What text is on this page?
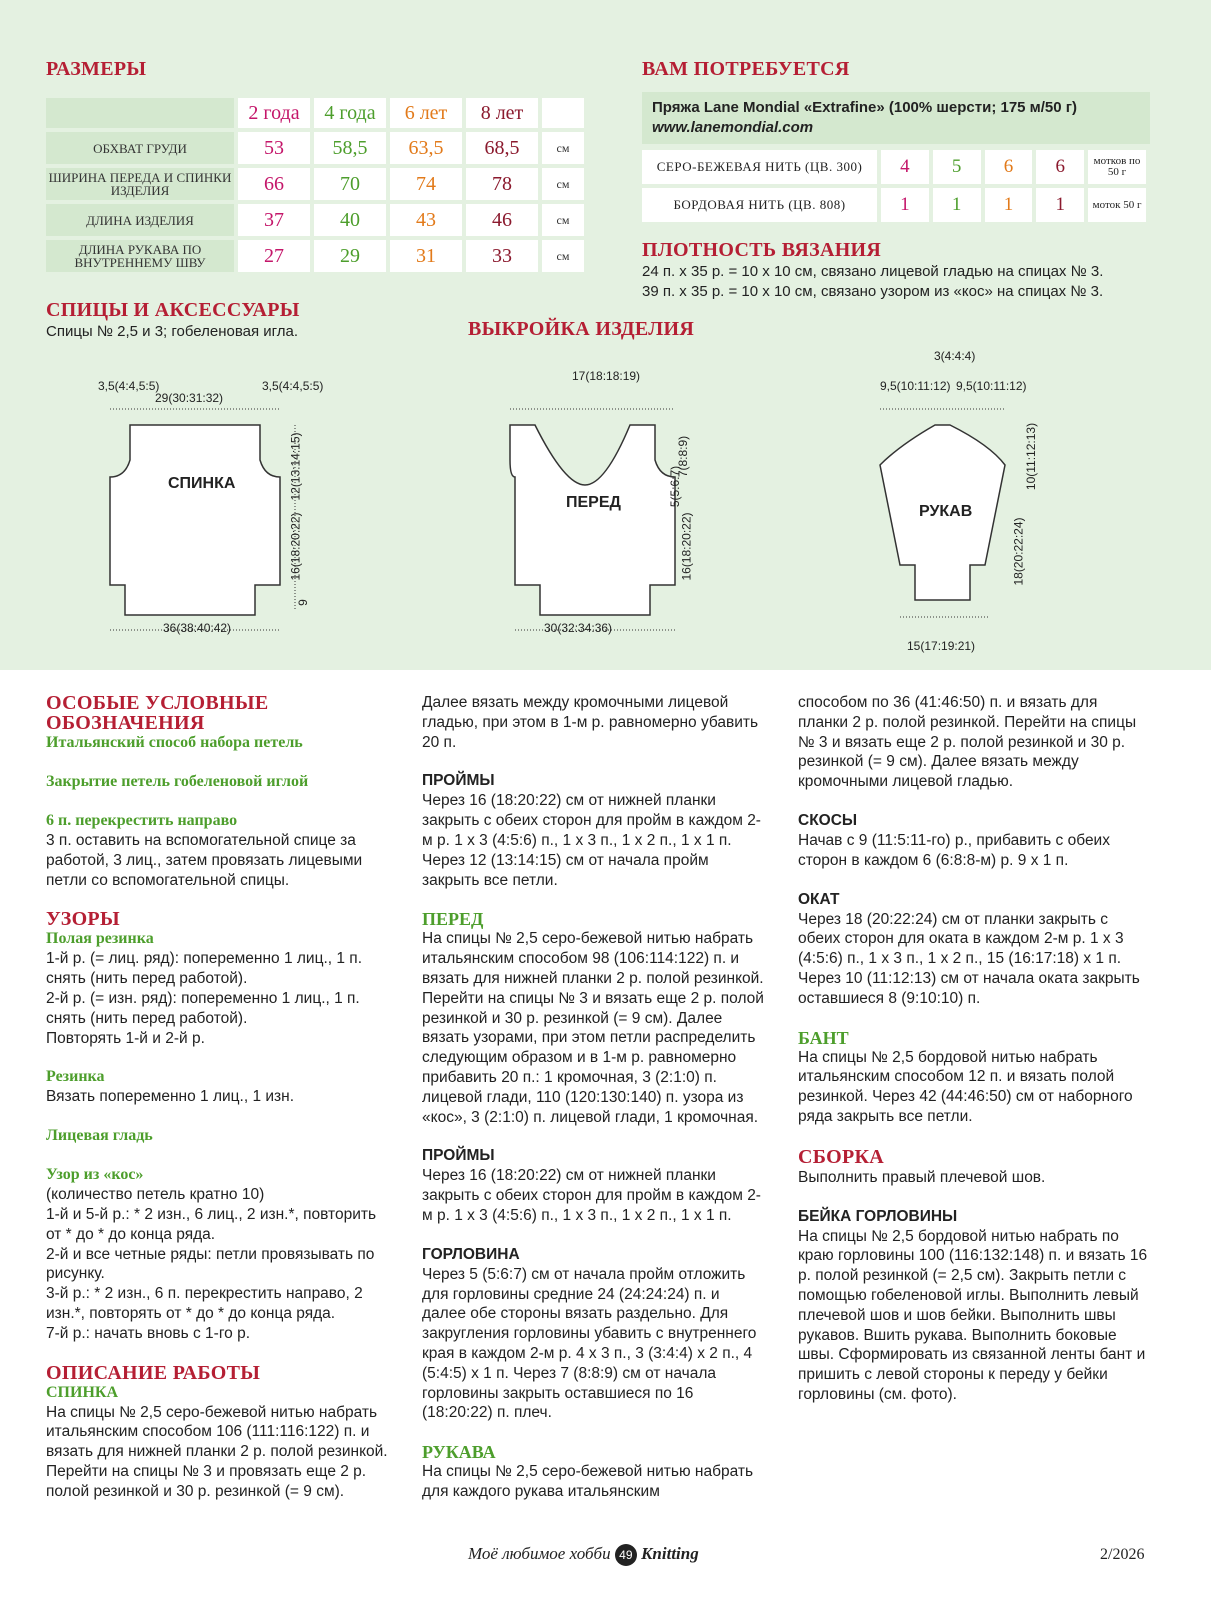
РАЗМЕРЫ
	2 года	4 года	6 лет	8 лет	
ОБХВАТ ГРУДИ	53	58,5	63,5	68,5	см
ШИРИНА ПЕРЕДА И СПИНКИ ИЗДЕЛИЯ	66	70	74	78	см
ДЛИНА ИЗДЕЛИЯ	37	40	43	46	см
ДЛИНА РУКАВА ПО ВНУТРЕННЕМУ ШВУ	27	29	31	33	см
ВАМ ПОТРЕБУЕТСЯ
Пряжа Lane Mondial «Extrafine» (100% шерсти; 175 м/50 г)
www.lanemondial.com
СЕРО-БЕЖЕВАЯ НИТЬ (ЦВ. 300)	4	5	6	6	мотков по 50 г
БОРДОВАЯ НИТЬ (ЦВ. 808)	1	1	1	1	моток 50 г
ПЛОТНОСТЬ ВЯЗАНИЯ
24 п. х 35 р. = 10 х 10 см, связано лицевой гладью на спицах № 3.
39 п. х 35 р. = 10 х 10 см, связано узором из «кос» на спицах № 3.
СПИЦЫ И АКСЕССУАРЫ
Спицы № 2,5 и 3; гобеленовая игла.	ВЫКРОЙКА ИЗДЕЛИЯ
СПИНКА
29(30:31:32)
3,5(4:4,5:5)	3,5(4:4,5:5)
36(38:40:42)
12(13:14:15)
16(18:20:22)
9
ПЕРЕД
17(18:18:19)
30(32:34:36)
7(8:8:9)
5(5:6:7)
16(18:20:22)
РУКАВ
9,5(10:11:12) 9,5(10:11:12)
3(4:4:4)
10(11:12:13)
18(20:22:24)
15(17:19:21)
ОСОБЫЕ УСЛОВНЫЕ ОБОЗНАЧЕНИЯ
Итальянский способ набора петель
Закрытие петель гобеленовой иглой
6 п. перекрестить направо

3 п. оставить на вспомогательной спице за работой, 3 лиц., затем провязать лицевыми петли со вспомогательной спицы.

УЗОРЫ
Полая резинка

1-й р. (= лиц. ряд): попеременно 1 лиц., 1 п. снять (нить перед работой).

2-й р. (= изн. ряд): попеременно 1 лиц., 1 п. снять (нить перед работой).

Повторять 1-й и 2-й р.

Резинка

Вязать попеременно 1 лиц., 1 изн.

Лицевая гладь
Узор из «кос»

(количество петель кратно 10)

1-й и 5-й р.: * 2 изн., 6 лиц., 2 изн.*, повторить от * до * до конца ряда.

2-й и все четные ряды: петли провязывать по рисунку.

3-й р.: * 2 изн., 6 п. перекрестить направо, 2 изн.*, повторять от * до * до конца ряда.

7-й р.: начать вновь с 1-го р.

ОПИСАНИЕ РАБОТЫ
СПИНКА

На спицы № 2,5 серо-бежевой нитью набрать итальянским способом 106 (111:116:122) п. и вязать для нижней планки 2 р. полой резинкой. Перейти на спицы № 3 и провязать еще 2 р. полой резинкой и 30 р. резинкой (= 9 см).

Далее вязать между кромочными лицевой гладью, при этом в 1-м р. равномерно убавить 20 п.

ПРОЙМЫ

Через 16 (18:20:22) см от нижней планки закрыть с обеих сторон для пройм в каждом 2-м р. 1 х 3 (4:5:6) п., 1 х 3 п., 1 х 2 п., 1 х 1 п. Через 12 (13:14:15) см от начала пройм закрыть все петли.

ПЕРЕД

На спицы № 2,5 серо-бежевой нитью набрать итальянским способом 98 (106:114:122) п. и вязать для нижней планки 2 р. полой резинкой. Перейти на спицы № 3 и вязать еще 2 р. полой резинкой и 30 р. резинкой (= 9 см). Далее вязать узорами, при этом петли распределить следующим образом и в 1-м р. равномерно прибавить 20 п.: 1 кромочная, 3 (2:1:0) п. лицевой глади, 110 (120:130:140) п. узора из «кос», 3 (2:1:0) п. лицевой глади, 1 кромочная.

ПРОЙМЫ

Через 16 (18:20:22) см от нижней планки закрыть с обеих сторон для пройм в каждом 2-м р. 1 х 3 (4:5:6) п., 1 х 3 п., 1 х 2 п., 1 х 1 п.

ГОРЛОВИНА

Через 5 (5:6:7) см от начала пройм отложить для горловины средние 24 (24:24:24) п. и далее обе стороны вязать раздельно. Для закругления горловины убавить с внутреннего края в каждом 2-м р. 4 х 3 п., 3 (3:4:4) х 2 п., 4 (5:4:5) х 1 п. Через 7 (8:8:9) см от начала горловины закрыть оставшиеся по 16 (18:20:22) п. плеч.

РУКАВА

На спицы № 2,5 серо-бежевой нитью набрать для каждого рукава итальянским

способом по 36 (41:46:50) п. и вязать для планки 2 р. полой резинкой. Перейти на спицы № 3 и вязать еще 2 р. полой резинкой и 30 р. резинкой (= 9 см). Далее вязать между кромочными лицевой гладью.

СКОСЫ

Начав с 9 (11:5:11-го) р., прибавить с обеих сторон в каждом 6 (6:8:8-м) р. 9 х 1 п.

ОКАТ

Через 18 (20:22:24) см от планки закрыть с обеих сторон для оката в каждом 2-м р. 1 х 3 (4:5:6) п., 1 х 3 п., 1 х 2 п., 15 (16:17:18) х 1 п. Через 10 (11:12:13) см от начала оката закрыть оставшиеся 8 (9:10:10) п.

БАНТ

На спицы № 2,5 бордовой нитью набрать итальянским способом 12 п. и вязать полой резинкой. Через 42 (44:46:50) см от наборного ряда закрыть все петли.

СБОРКА

Выполнить правый плечевой шов.

БЕЙКА ГОРЛОВИНЫ

На спицы № 2,5 бордовой нитью набрать по краю горловины 100 (116:132:148) п. и вязать 16 р. полой резинкой (= 2,5 см). Закрыть петли с помощью гобеленовой иглы. Выполнить левый плечевой шов и шов бейки. Выполнить швы рукавов. Вшить рукава. Выполнить боковые швы. Сформировать из связанной ленты бант и пришить с левой стороны к переду у бейки горловины (см. фото).

Моё любимое хобби 49 Knitting	2/2026
